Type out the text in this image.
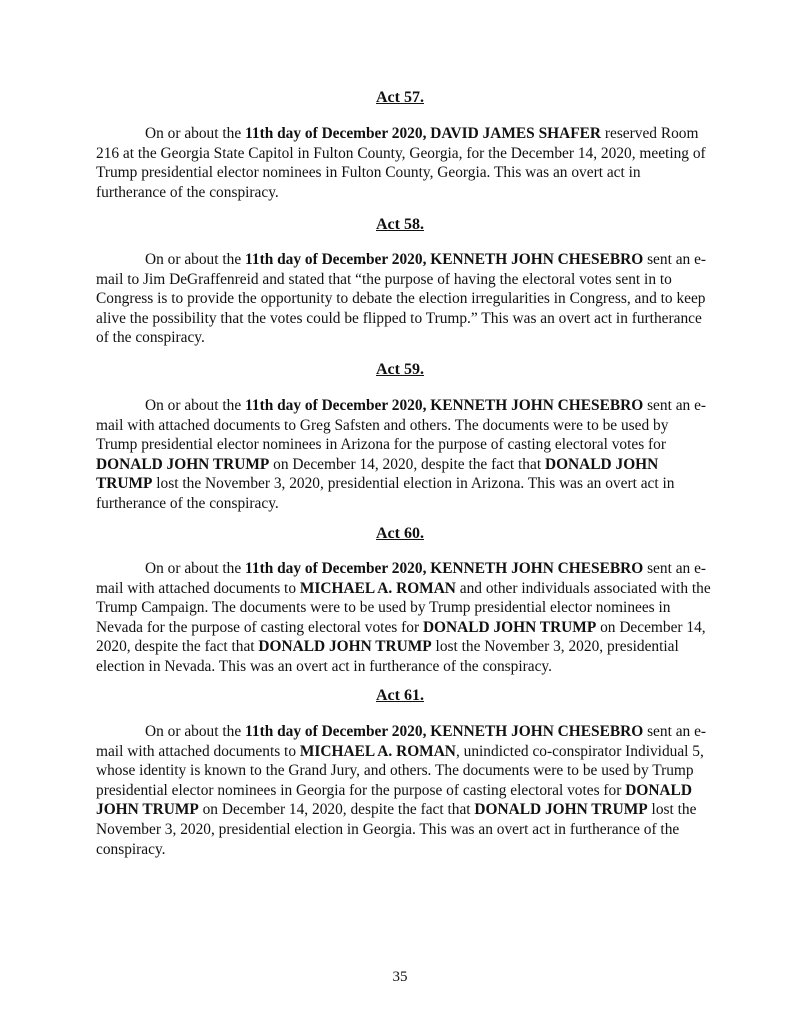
Act 57.

On or about the 11th day of December 2020, DAVID JAMES SHAFER reserved Room 216 at the Georgia State Capitol in Fulton County, Georgia, for the December 14, 2020, meeting of Trump presidential elector nominees in Fulton County, Georgia. This was an overt act in furtherance of the conspiracy.

Act 58.

On or about the 11th day of December 2020, KENNETH JOHN CHESEBRO sent an e-mail to Jim DeGraffenreid and stated that “the purpose of having the electoral votes sent in to Congress is to provide the opportunity to debate the election irregularities in Congress, and to keep alive the possibility that the votes could be flipped to Trump.” This was an overt act in furtherance of the conspiracy.

Act 59.

On or about the 11th day of December 2020, KENNETH JOHN CHESEBRO sent an e-mail with attached documents to Greg Safsten and others. The documents were to be used by Trump presidential elector nominees in Arizona for the purpose of casting electoral votes for DONALD JOHN TRUMP on December 14, 2020, despite the fact that DONALD JOHN TRUMP lost the November 3, 2020, presidential election in Arizona. This was an overt act in furtherance of the conspiracy.

Act 60.

On or about the 11th day of December 2020, KENNETH JOHN CHESEBRO sent an e-mail with attached documents to MICHAEL A. ROMAN and other individuals associated with the Trump Campaign. The documents were to be used by Trump presidential elector nominees in Nevada for the purpose of casting electoral votes for DONALD JOHN TRUMP on December 14, 2020, despite the fact that DONALD JOHN TRUMP lost the November 3, 2020, presidential election in Nevada. This was an overt act in furtherance of the conspiracy.

Act 61.

On or about the 11th day of December 2020, KENNETH JOHN CHESEBRO sent an e-mail with attached documents to MICHAEL A. ROMAN, unindicted co-conspirator Individual 5, whose identity is known to the Grand Jury, and others. The documents were to be used by Trump presidential elector nominees in Georgia for the purpose of casting electoral votes for DONALD JOHN TRUMP on December 14, 2020, despite the fact that DONALD JOHN TRUMP lost the November 3, 2020, presidential election in Georgia. This was an overt act in furtherance of the conspiracy.

35
